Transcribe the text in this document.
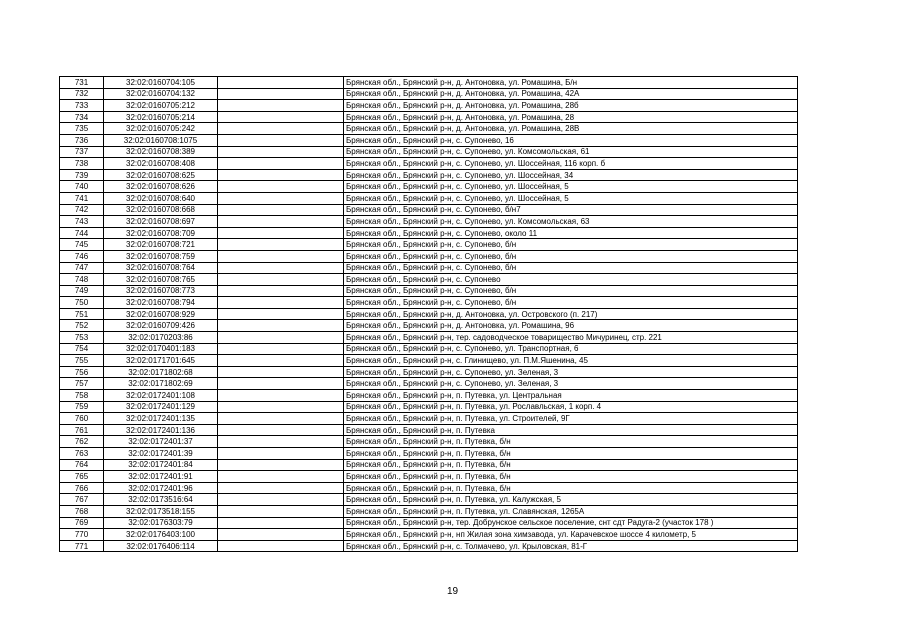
731	32:02:0160704:105		Брянская обл., Брянский р-н, д. Антоновка, ул. Ромашина, Б/н
732	32:02:0160704:132		Брянская обл., Брянский р-н, д. Антоновка, ул. Ромашина, 42А
733	32:02:0160705:212		Брянская обл., Брянский р-н, д. Антоновка, ул. Ромашина, 28б
734	32:02:0160705:214		Брянская обл., Брянский р-н, д. Антоновка, ул. Ромашина, 28
735	32:02:0160705:242		Брянская обл., Брянский р-н, д. Антоновка, ул. Ромашина, 28В
736	32:02:0160708:1075		Брянская обл., Брянский р-н, с. Супонево, 16
737	32:02:0160708:389		Брянская обл., Брянский р-н, с. Супонево, ул. Комсомольская, 61
738	32:02:0160708:408		Брянская обл., Брянский р-н, с. Супонево, ул. Шоссейная, 116 корп. б
739	32:02:0160708:625		Брянская обл., Брянский р-н, с. Супонево, ул. Шоссейная, 34
740	32:02:0160708:626		Брянская обл., Брянский р-н, с. Супонево, ул. Шоссейная, 5
741	32:02:0160708:640		Брянская обл., Брянский р-н, с. Супонево, ул. Шоссейная, 5
742	32:02:0160708:668		Брянская обл., Брянский р-н, с. Супонево, б/н7
743	32:02:0160708:697		Брянская обл., Брянский р-н, с. Супонево, ул. Комсомольская, 63
744	32:02:0160708:709		Брянская обл., Брянский р-н, с. Супонево, около 11
745	32:02:0160708:721		Брянская обл., Брянский р-н, с. Супонево, б/н
746	32:02:0160708:759		Брянская обл., Брянский р-н, с. Супонево, б/н
747	32:02:0160708:764		Брянская обл., Брянский р-н, с. Супонево, б/н
748	32:02:0160708:765		Брянская обл., Брянский р-н, с. Супонево
749	32:02:0160708:773		Брянская обл., Брянский р-н, с. Супонево, б/н
750	32:02:0160708:794		Брянская обл., Брянский р-н, с. Супонево, б/н
751	32:02:0160708:929		Брянская обл., Брянский р-н, д. Антоновка, ул. Островского (п. 217)
752	32:02:0160709:426		Брянская обл., Брянский р-н, д. Антоновка, ул. Ромашина, 96
753	32:02:0170203:86		Брянская обл., Брянский р-н, тер. садоводческое товарищество Мичуринец, стр. 221
754	32:02:0170401:183		Брянская обл., Брянский р-н, с. Супонево, ул. Транспортная, 6
755	32:02:0171701:645		Брянская обл., Брянский р-н, с. Глинищево, ул. П.М.Яшенина, 45
756	32:02:0171802:68		Брянская обл., Брянский р-н, с. Супонево, ул. Зеленая, 3
757	32:02:0171802:69		Брянская обл., Брянский р-н, с. Супонево, ул. Зеленая, 3
758	32:02:0172401:108		Брянская обл., Брянский р-н, п. Путевка, ул. Центральная
759	32:02:0172401:129		Брянская обл., Брянский р-н, п. Путевка, ул. Рославльская, 1 корп. 4
760	32:02:0172401:135		Брянская обл., Брянский р-н, п. Путевка, ул. Строителей, 9Г
761	32:02:0172401:136		Брянская обл., Брянский р-н, п. Путевка
762	32:02:0172401:37		Брянская обл., Брянский р-н, п. Путевка, б/н
763	32:02:0172401:39		Брянская обл., Брянский р-н, п. Путевка, б/н
764	32:02:0172401:84		Брянская обл., Брянский р-н, п. Путевка, б/н
765	32:02:0172401:91		Брянская обл., Брянский р-н, п. Путевка, б/н
766	32:02:0172401:96		Брянская обл., Брянский р-н, п. Путевка, б/н
767	32:02:0173516:64		Брянская обл., Брянский р-н, п. Путевка, ул. Калужская, 5
768	32:02:0173518:155		Брянская обл., Брянский р-н, п. Путевка, ул. Славянская, 1265А
769	32:02:0176303:79		Брянская обл., Брянский р-н, тер. Добрунское сельское поселение, снт сдт Радуга-2 (участок 178 )
770	32:02:0176403:100		Брянская обл., Брянский р-н, нп Жилая зона химзавода, ул. Карачевское шоссе 4 километр, 5
771	32:02:0176406:114		Брянская обл., Брянский р-н, с. Толмачево, ул. Крыловская, 81-Г
19
